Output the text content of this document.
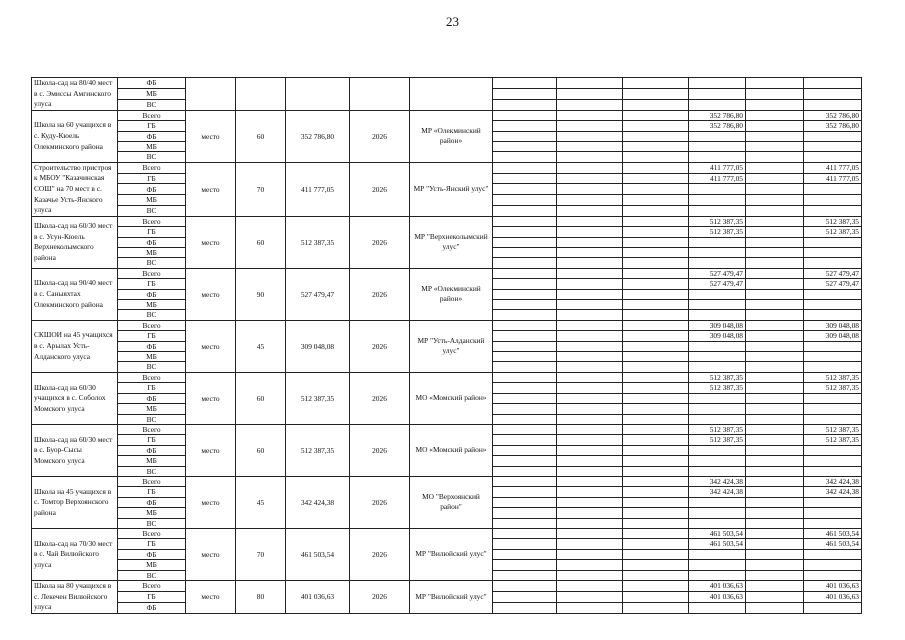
23
Школа-сад на 80/40 мест в с. Эмиссы Амгинского улуса	ФБ											
	МБ											
	ВС											
Школа на 60 учащихся в с. Куду-Кюель Олекминского района	Всего	место	60	352 786,80	2026	МР «Олекминский район»				352 786,80		352 786,80
	ГБ									352 786,80		352 786,80
	ФБ											
	МБ											
	ВС											
Строительство пристроя к МБОУ "Казачинская СОШ" на 70 мест в с. Казачье Усть-Янского улуса	Всего	место	70	411 777,05	2026	МР "Усть-Янский улус"				411 777,05		411 777,05
	ГБ									411 777,05		411 777,05
	ФБ											
	МБ											
	ВС											
Школа-сад на 60/30 мест в с. Усун-Кюель Верхнеколымского района	Всего	место	60	512 387,35	2026	МР "Верхнеколымский улус"				512 387,35		512 387,35
	ГБ									512 387,35		512 387,35
	ФБ											
	МБ											
	ВС											
Школа-сад на 90/40 мест в с. Саныяхтах Олекминского района	Всего	место	90	527 479,47	2026	МР «Олекминский район»				527 479,47		527 479,47
	ГБ									527 479,47		527 479,47
	ФБ											
	МБ											
	ВС											
СКШОИ на 45 учащихся в с. Арылах Усть-Алданского улуса	Всего	место	45	309 048,08	2026	МР "Усть-Алданский улус"				309 048,08		309 048,08
	ГБ									309 048,08		309 048,08
	ФБ											
	МБ											
	ВС											
Школа-сад на 60/30 учащихся в с. Соболох Момского улуса	Всего	место	60	512 387,35	2026	МО «Момский район»				512 387,35		512 387,35
	ГБ									512 387,35		512 387,35
	ФБ											
	МБ											
	ВС											
Школа-сад на 60/30 мест в с. Буор-Сысы Момского улуса	Всего	место	60	512 387,35	2026	МО «Момский район»				512 387,35		512 387,35
	ГБ									512 387,35		512 387,35
	ФБ											
	МБ											
	ВС											
Школа на 45 учащихся в с. Томтор Верхоянского района	Всего	место	45	342 424,38	2026	МО "Верхоянский район"				342 424,38		342 424,38
	ГБ									342 424,38		342 424,38
	ФБ											
	МБ											
	ВС											
Школа-сад на 70/30 мест в с. Чай Вилюйского улуса	Всего	место	70	461 503,54	2026	МР "Вилюйский улус"				461 503,54		461 503,54
	ГБ									461 503,54		461 503,54
	ФБ											
	МБ											
	ВС											
Школа на 80 учащихся в с. Лекечен Вилюйского улуса	Всего	место	80	401 036,63	2026	МР "Вилюйский улус"				401 036,63		401 036,63
	ГБ									401 036,63		401 036,63
	ФБ											
